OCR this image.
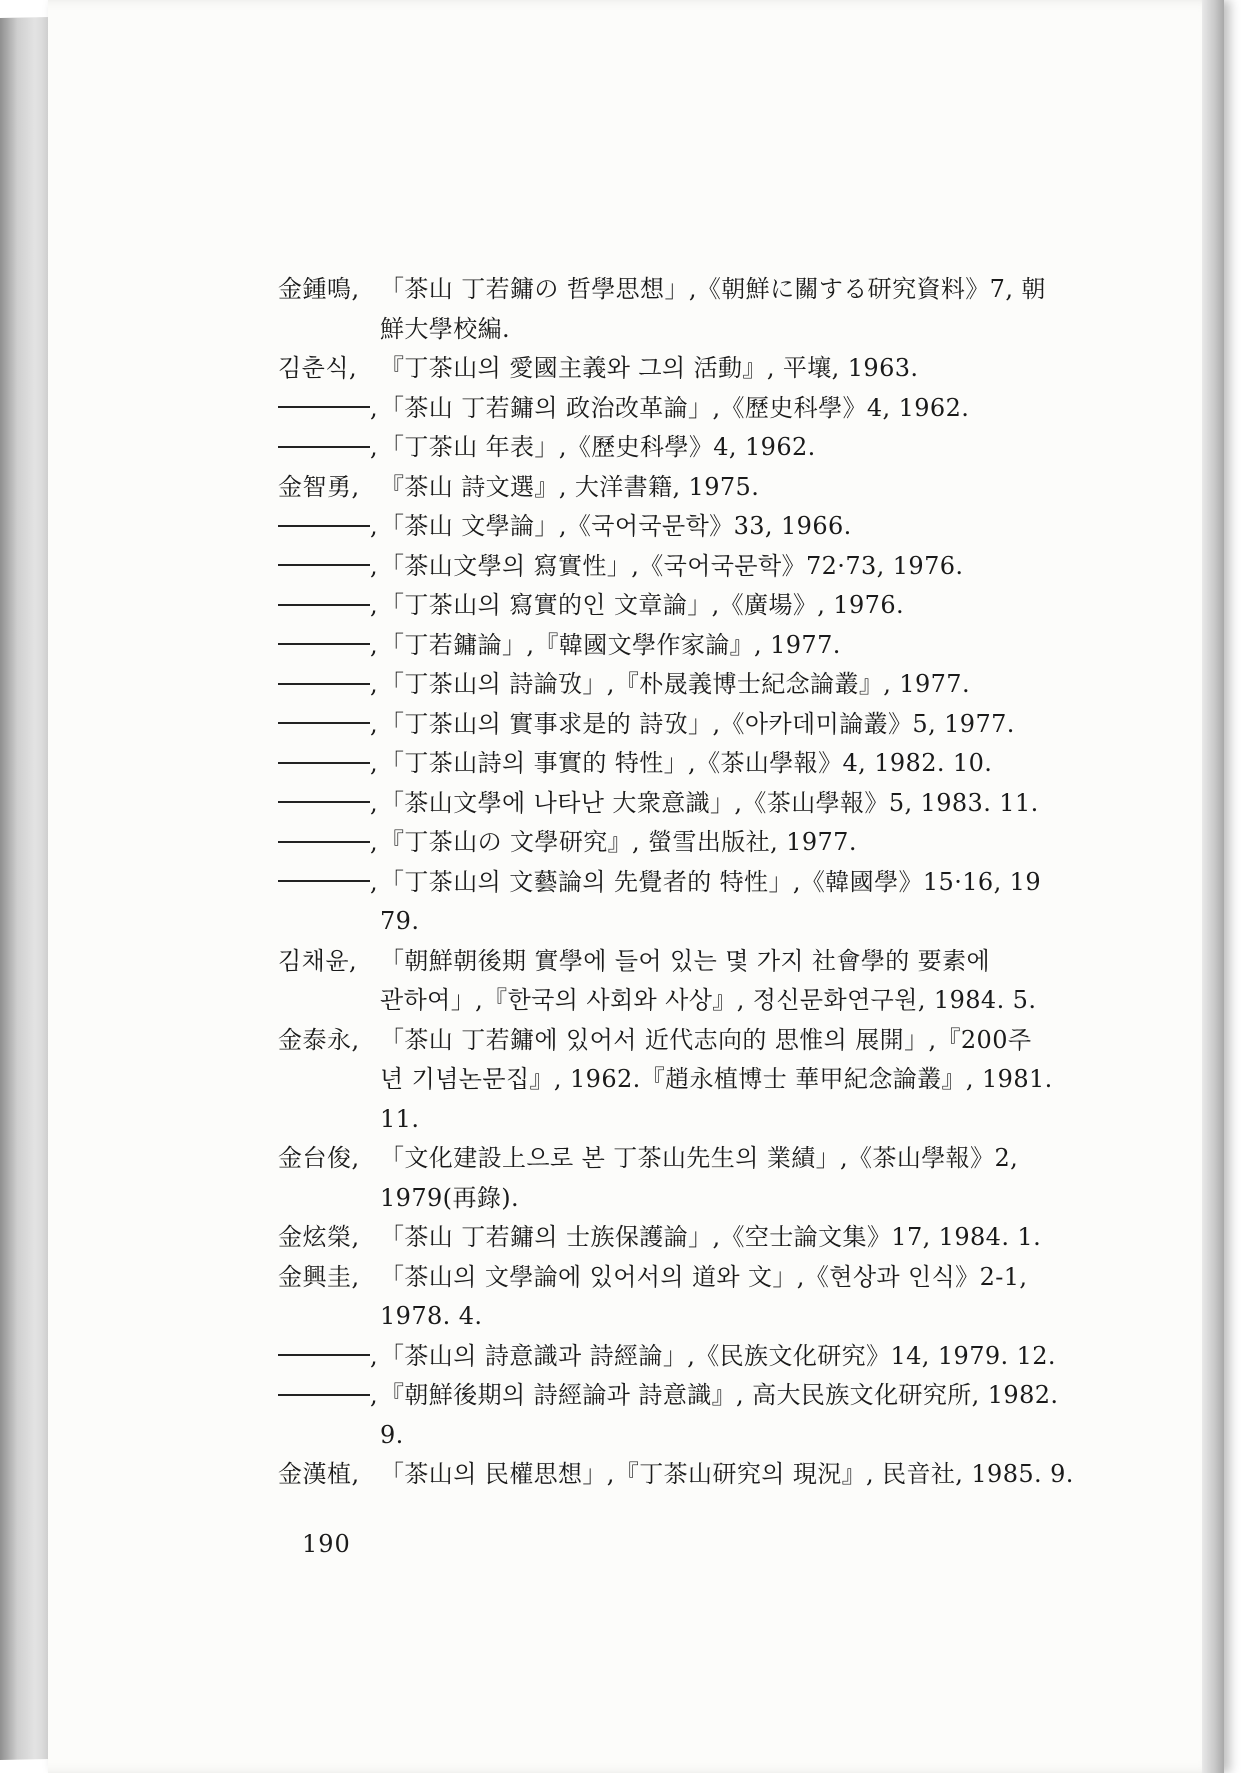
金鍾鳴, 「茶山 丁若鏞の 哲學思想」,《朝鮮に關する研究資料》7, 朝
鮮大學校編.
김춘식, 『丁茶山의 愛國主義와 그의 活動』, 平壤, 1963.
, 「茶山 丁若鏞의 政治改革論」,《歷史科學》4, 1962.
, 「丁茶山 年表」,《歷史科學》4, 1962.
金智勇, 『茶山 詩文選』, 大洋書籍, 1975.
, 「茶山 文學論」,《국어국문학》33, 1966.
, 「茶山文學의 寫實性」,《국어국문학》72·73, 1976.
, 「丁茶山의 寫實的인 文章論」,《廣場》, 1976.
, 「丁若鏞論」,『韓國文學作家論』, 1977.
, 「丁茶山의 詩論攷」,『朴晟義博士紀念論叢』, 1977.
, 「丁茶山의 實事求是的 詩攷」,《아카데미論叢》5, 1977.
, 「丁茶山詩의 事實的 特性」,《茶山學報》4, 1982. 10.
, 「茶山文學에 나타난 大衆意識」,《茶山學報》5, 1983. 11.
, 『丁茶山の 文學研究』, 螢雪出版社, 1977.
, 「丁茶山의 文藝論의 先覺者的 特性」,《韓國學》15·16, 19
79.
김채윤, 「朝鮮朝後期 實學에 들어 있는 몇 가지 社會學的 要素에
관하여」,『한국의 사회와 사상』, 정신문화연구원, 1984. 5.
金泰永, 「茶山 丁若鏞에 있어서 近代志向的 思惟의 展開」,『200주
년 기념논문집』, 1962.『趙永植博士 華甲紀念論叢』, 1981.
11.
金台俊, 「文化建設上으로 본 丁茶山先生의 業績」,《茶山學報》2,
1979(再錄).
金炫榮, 「茶山 丁若鏞의 士族保護論」,《空士論文集》17, 1984. 1.
金興圭, 「茶山의 文學論에 있어서의 道와 文」,《현상과 인식》2-1,
1978. 4.
, 「茶山의 詩意識과 詩經論」,《民族文化研究》14, 1979. 12.
, 『朝鮮後期의 詩經論과 詩意識』, 高大民族文化研究所, 1982.
9.
金漢植, 「茶山의 民權思想」,『丁茶山研究의 現況』, 民音社, 1985. 9.
190
